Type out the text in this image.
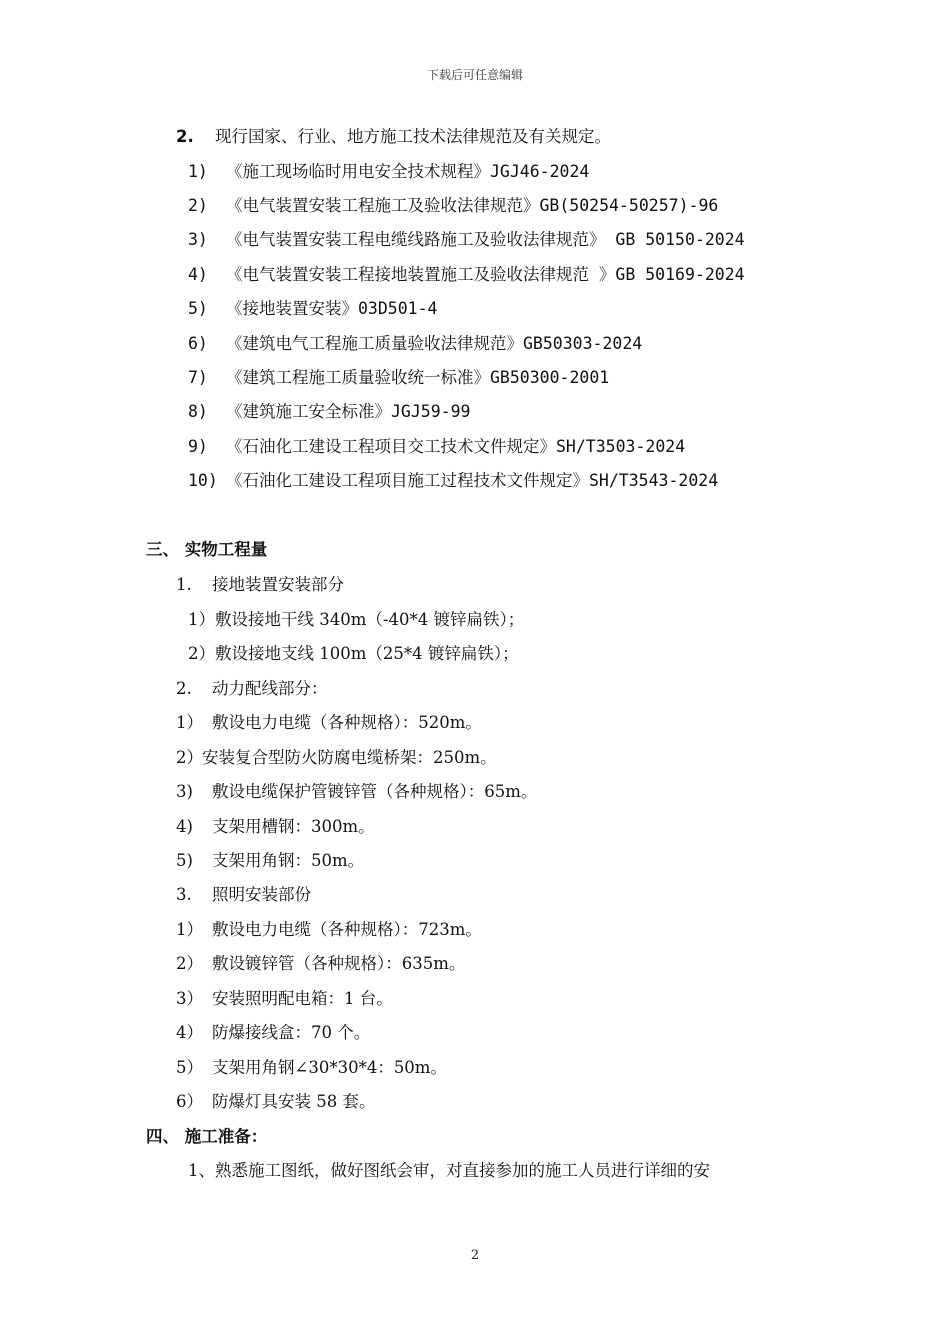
下载后可任意编辑
2. 现行国家、行业、地方施工技术法律规范及有关规定。
1) 《施工现场临时用电安全技术规程》JGJ46-2024
2) 《电气装置安装工程施工及验收法律规范》GB(50254-50257)-96
3) 《电气装置安装工程电缆线路施工及验收法律规范》 GB 50150-2024
4) 《电气装置安装工程接地装置施工及验收法律规范 》GB 50169-2024
5) 《接地装置安装》03D501-4
6) 《建筑电气工程施工质量验收法律规范》GB50303-2024
7) 《建筑工程施工质量验收统一标准》GB50300-2001
8) 《建筑施工安全标准》JGJ59-99
9) 《石油化工建设工程项目交工技术文件规定》SH/T3503-2024
10) 《石油化工建设工程项目施工过程技术文件规定》SH/T3543-2024
三、 实物工程量
1. 接地装置安装部分
1）敷设接地干线 340m（-40*4 镀锌扁铁）；
2）敷设接地支线 100m（25*4 镀锌扁铁）；
2. 动力配线部分：
1） 敷设电力电缆（各种规格）：520m。
2）安装复合型防火防腐电缆桥架：250m。
3) 敷设电缆保护管镀锌管（各种规格）：65m。
4) 支架用槽钢：300m。
5) 支架用角钢：50m。
3. 照明安装部份
1） 敷设电力电缆（各种规格）：723m。
2） 敷设镀锌管（各种规格）：635m。
3） 安装照明配电箱：1 台。
4） 防爆接线盒：70 个。
5） 支架用角钢∠30*30*4：50m。
6） 防爆灯具安装 58 套。
四、 施工准备：
1、熟悉施工图纸，做好图纸会审，对直接参加的施工人员进行详细的安
2
